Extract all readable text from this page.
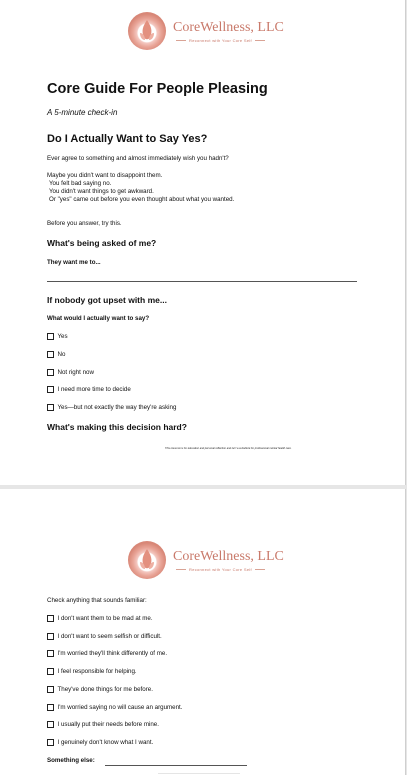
CoreWellness, LLC
Reconnect with Your Core Self
Core Guide For People Pleasing
A 5-minute check-in
Do I Actually Want to Say Yes?
Ever agree to something and almost immediately wish you hadn't?
Maybe you didn't want to disappoint them.
You felt bad saying no.
You didn't want things to get awkward.
Or "yes" came out before you even thought about what you wanted.
Before you answer, try this.
What's being asked of me?
They want me to...
If nobody got upset with me...
What would I actually want to say?
Yes
No
Not right now
I need more time to decide
Yes—but not exactly the way they're asking
What's making this decision hard?
This resource is for education and personal reflection and isn't a substitute for professional mental health care.
CoreWellness, LLC
Reconnect with Your Core Self
Check anything that sounds familiar:
I don't want them to be mad at me.
I don't want to seem selfish or difficult.
I'm worried they'll think differently of me.
I feel responsible for helping.
They've done things for me before.
I'm worried saying no will cause an argument.
I usually put their needs before mine.
I genuinely don't know what I want.
Something else:
